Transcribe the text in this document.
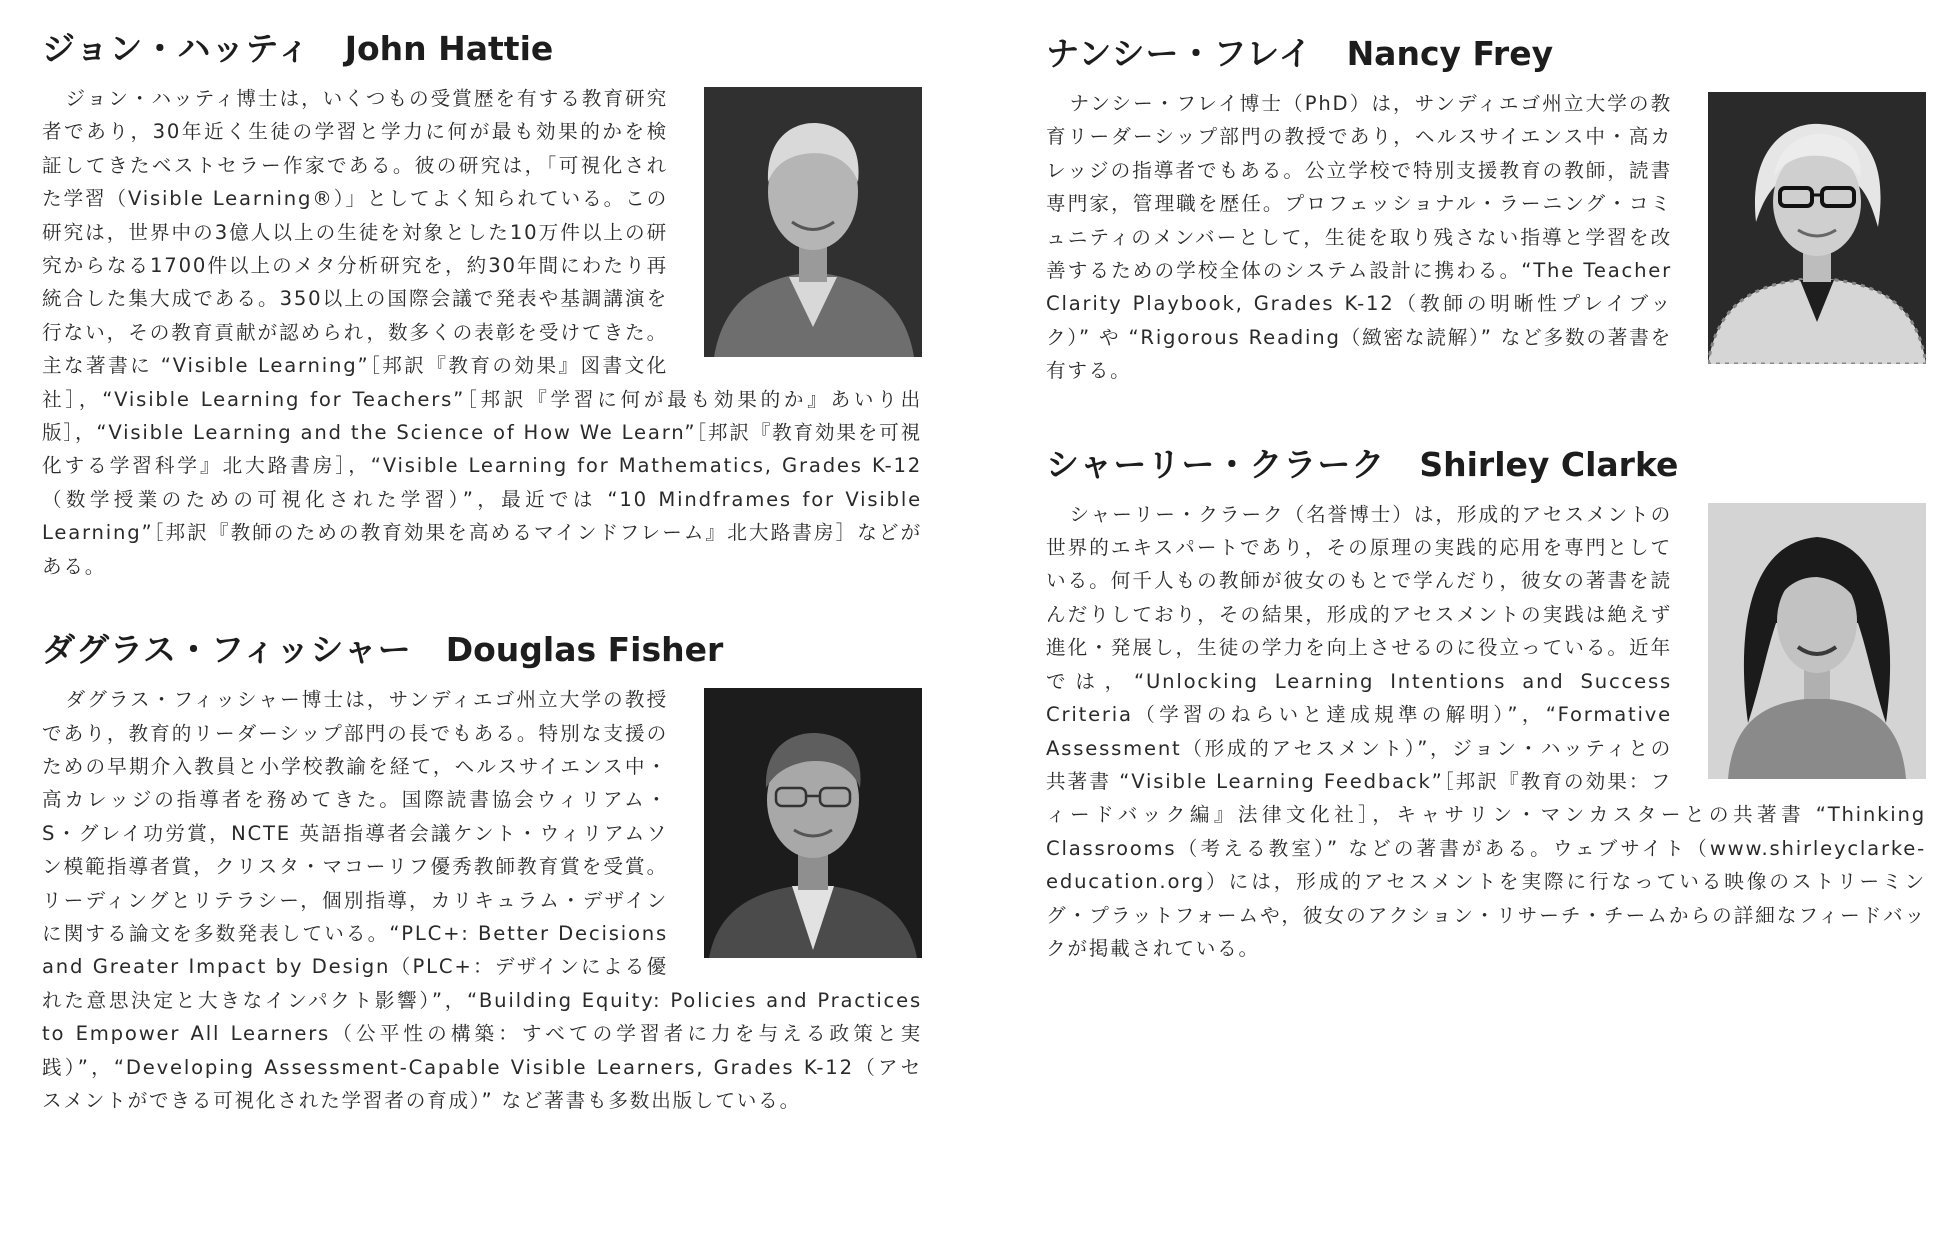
ジョン・ハッティ John Hattie
ジョン・ハッティ博士は，いくつもの受賞歴を有する教育研究者であり，30年近く生徒の学習と学力に何が最も効果的かを検証してきたベストセラー作家である。彼の研究は，「可視化された学習（Visible Learning®）」としてよく知られている。この研究は，世界中の3億人以上の生徒を対象とした10万件以上の研究からなる1700件以上のメタ分析研究を，約30年間にわたり再統合した集大成である。350以上の国際会議で発表や基調講演を行ない，その教育貢献が認められ，数多くの表彰を受けてきた。主な著書に “Visible Learning”［邦訳『教育の効果』図書文化社］，“Visible Learning for Teachers”［邦訳『学習に何が最も効果的か』あいり出版］，“Visible Learning and the Science of How We Learn”［邦訳『教育効果を可視化する学習科学』北大路書房］，“Visible Learning for Mathematics, Grades K-12（数学授業のための可視化された学習）”，最近では “10 Mindframes for Visible Learning”［邦訳『教師のための教育効果を高めるマインドフレーム』北大路書房］などがある。
ダグラス・フィッシャー Douglas Fisher
ダグラス・フィッシャー博士は，サンディエゴ州立大学の教授であり，教育的リーダーシップ部門の長でもある。特別な支援のための早期介入教員と小学校教諭を経て，ヘルスサイエンス中・高カレッジの指導者を務めてきた。国際読書協会ウィリアム・S・グレイ功労賞，NCTE 英語指導者会議ケント・ウィリアムソン模範指導者賞，クリスタ・マコーリフ優秀教師教育賞を受賞。リーディングとリテラシー，個別指導，カリキュラム・デザインに関する論文を多数発表している。“PLC+: Better Decisions and Greater Impact by Design（PLC+：デザインによる優れた意思決定と大きなインパクト影響）”，“Building Equity: Policies and Practices to Empower All Learners（公平性の構築：すべての学習者に力を与える政策と実践）”，“Developing Assessment-Capable Visible Learners, Grades K-12（アセスメントができる可視化された学習者の育成）” など著書も多数出版している。
ナンシー・フレイ Nancy Frey
ナンシー・フレイ博士（PhD）は，サンディエゴ州立大学の教育リーダーシップ部門の教授であり，ヘルスサイエンス中・高カレッジの指導者でもある。公立学校で特別支援教育の教師，読書専門家，管理職を歴任。プロフェッショナル・ラーニング・コミュニティのメンバーとして，生徒を取り残さない指導と学習を改善するための学校全体のシステム設計に携わる。“The Teacher Clarity Playbook, Grades K-12（教師の明晰性プレイブック）” や “Rigorous Reading（緻密な読解）” など多数の著書を有する。
シャーリー・クラーク Shirley Clarke
シャーリー・クラーク（名誉博士）は，形成的アセスメントの世界的エキスパートであり，その原理の実践的応用を専門としている。何千人もの教師が彼女のもとで学んだり，彼女の著書を読んだりしており，その結果，形成的アセスメントの実践は絶えず進化・発展し，生徒の学力を向上させるのに役立っている。近年では，“Unlocking Learning Intentions and Success Criteria（学習のねらいと達成規準の解明）”，“Formative Assessment（形成的アセスメント）”，ジョン・ハッティとの共著書 “Visible Learning Feedback”［邦訳『教育の効果：フィードバック編』法律文化社］，キャサリン・マンカスターとの共著書 “Thinking Classrooms（考える教室）” などの著書がある。ウェブサイト（www.shirleyclarke-education.org）には，形成的アセスメントを実際に行なっている映像のストリーミング・プラットフォームや，彼女のアクション・リサーチ・チームからの詳細なフィードバックが掲載されている。
